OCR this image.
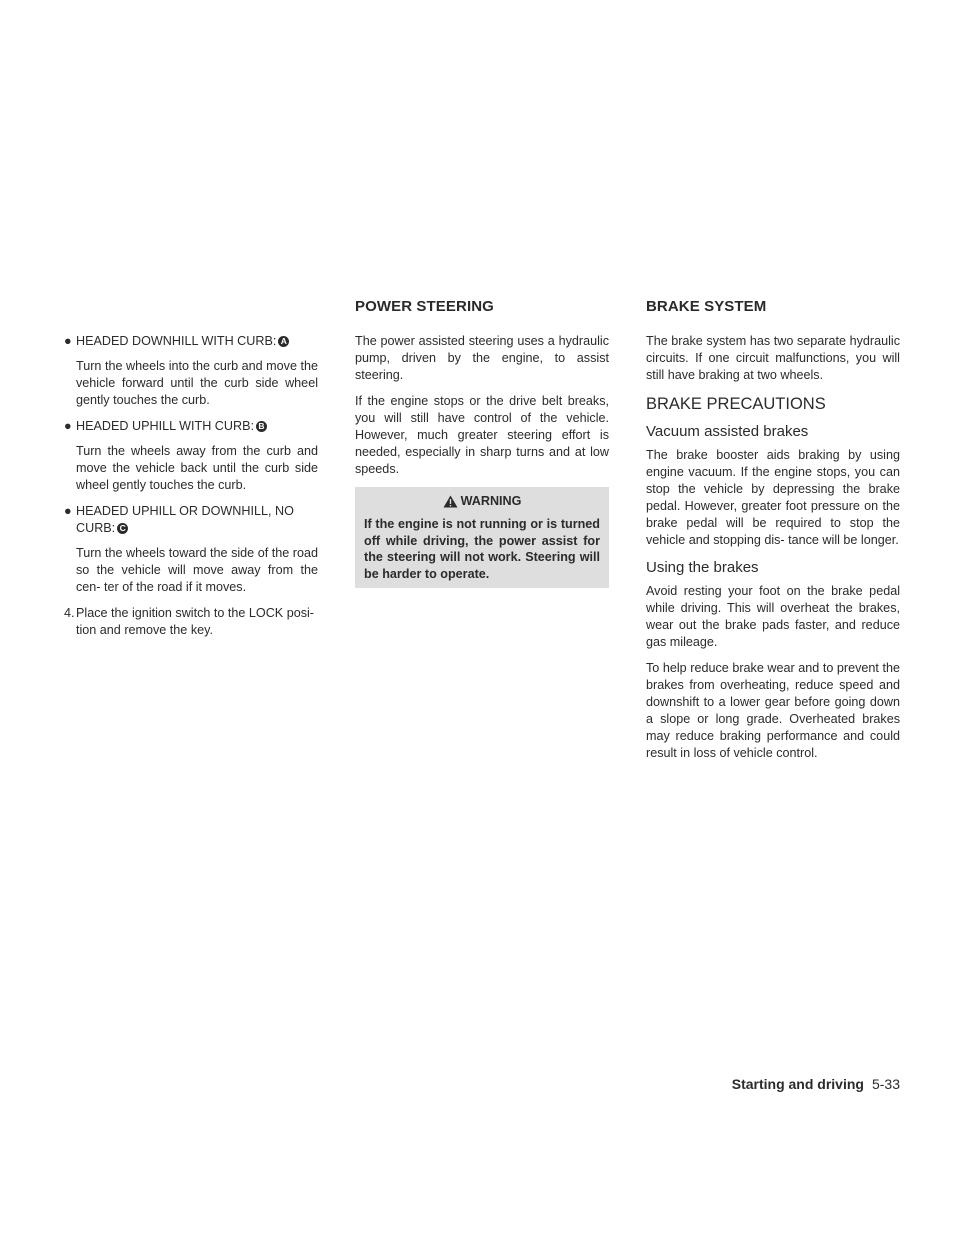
POWER STEERING	BRAKE SYSTEM
● HEADED DOWNHILL WITH CURB: A

Turn the wheels into the curb and move the vehicle forward until the curb side wheel gently touches the curb.

● HEADED UPHILL WITH CURB: B

Turn the wheels away from the curb and move the vehicle back until the curb side wheel gently touches the curb.

● HEADED UPHILL OR DOWNHILL, NO CURB: C

Turn the wheels toward the side of the road so the vehicle will move away from the cen- ter of the road if it moves.

4. Place the ignition switch to the LOCK posi- tion and remove the key.

The power assisted steering uses a hydraulic pump, driven by the engine, to assist steering.

If the engine stops or the drive belt breaks, you will still have control of the vehicle. However, much greater steering effort is needed, especially in sharp turns and at low speeds.

WARNING
If the engine is not running or is turned off while driving, the power assist for the steering will not work. Steering will be harder to operate.

The brake system has two separate hydraulic circuits. If one circuit malfunctions, you will still have braking at two wheels.

BRAKE PRECAUTIONS
Vacuum assisted brakes

The brake booster aids braking by using engine vacuum. If the engine stops, you can stop the vehicle by depressing the brake pedal. However, greater foot pressure on the brake pedal will be required to stop the vehicle and stopping dis- tance will be longer.

Using the brakes

Avoid resting your foot on the brake pedal while driving. This will overheat the brakes, wear out the brake pads faster, and reduce gas mileage.

To help reduce brake wear and to prevent the brakes from overheating, reduce speed and downshift to a lower gear before going down a slope or long grade. Overheated brakes may reduce braking performance and could result in loss of vehicle control.

Starting and driving 5-33
